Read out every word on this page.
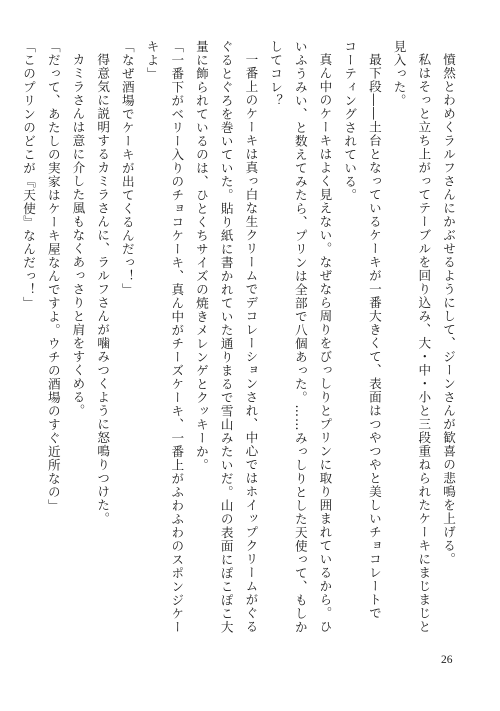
憤然とわめくラルフさんにかぶせるようにして、ジーンさんが歓喜の悲鳴を上げる。
私はそっと立ち上がってテーブルを回り込み、大・中・小と三段重ねられたケーキにまじまじと
見入った。
最下段――土台となっているケーキが一番大きくて、表面はつやつやと美しいチョコレートで
コーティングされている。
真ん中のケーキはよく見えない。なぜなら周りをびっしりとプリンに取り囲まれているから。ひ
いふうみい、と数えてみたら、プリンは全部で八個あった。……みっしりとした天使って、もしか
してコレ？
一番上のケーキは真っ白な生クリームでデコレーションされ、中心ではホイップクリームがぐる
ぐるとぐろを巻いていた。貼り紙に書かれていた通りまるで雪山みたいだ。山の表面にぽこぽこ大
量に飾られているのは、ひとくちサイズの焼きメレンゲとクッキーか。
「一番下がベリー入りのチョコケーキ、真ん中がチーズケーキ、一番上がふわふわのスポンジケー
キよ」
「なぜ酒場でケーキが出てくるんだっ！」
得意気に説明するカミラさんに、ラルフさんが噛みつくように怒鳴りつけた。
カミラさんは意に介した風もなくあっさりと肩をすくめる。
「だって、あたしの実家はケーキ屋なんですよ。ウチの酒場のすぐ近所なの」
「このプリンのどこが『天使』なんだっ！」
26
